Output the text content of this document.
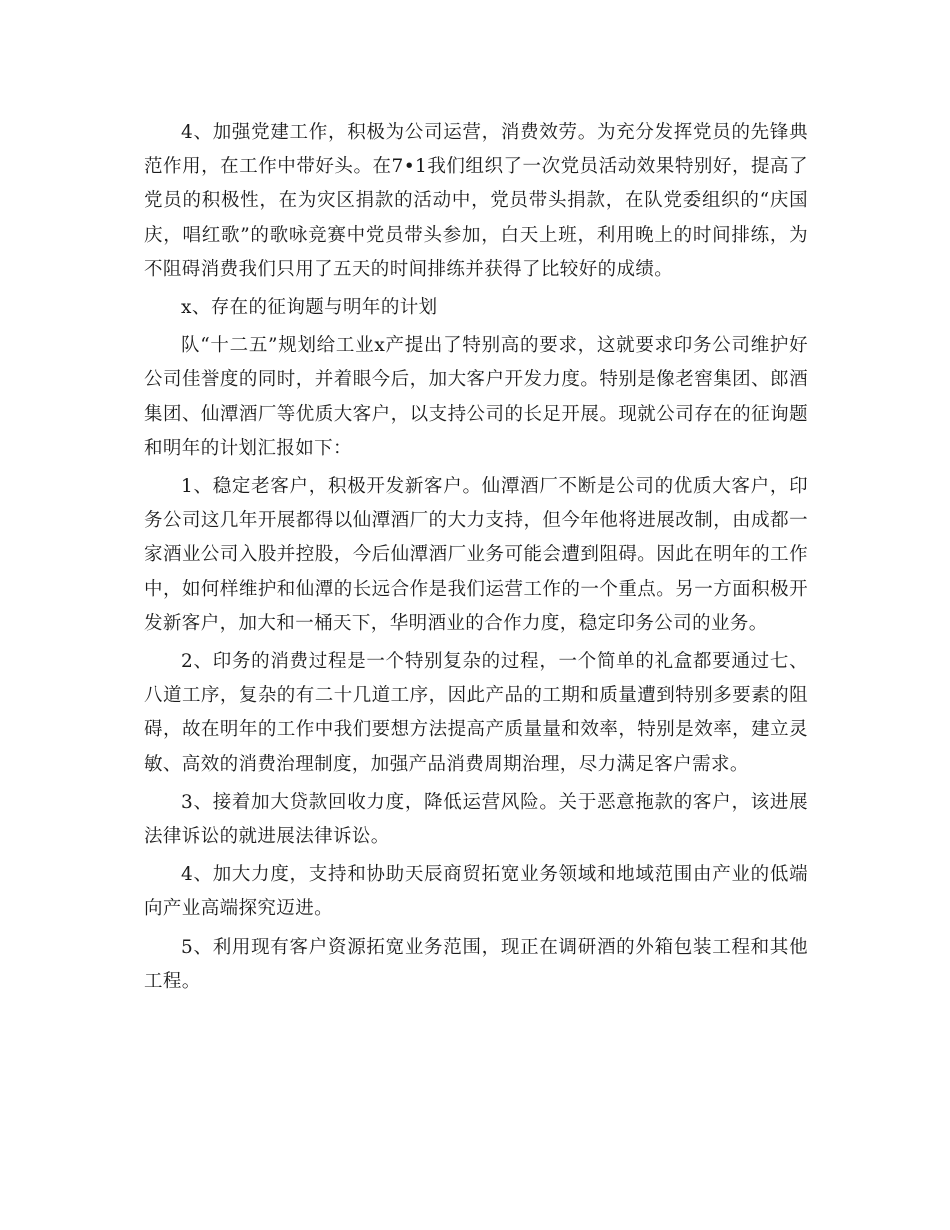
4、加强党建工作，积极为公司运营，消费效劳。为充分发挥党员的先锋典范作用，在工作中带好头。在7•1我们组织了一次党员活动效果特别好，提高了党员的积极性，在为灾区捐款的活动中，党员带头捐款，在队党委组织的“庆国庆，唱红歌”的歌咏竞赛中党员带头参加，白天上班，利用晚上的时间排练，为不阻碍消费我们只用了五天的时间排练并获得了比较好的成绩。

x、存在的征询题与明年的计划

队“十二五”规划给工业x产提出了特别高的要求，这就要求印务公司维护好公司佳誉度的同时，并着眼今后，加大客户开发力度。特别是像老窖集团、郎酒集团、仙潭酒厂等优质大客户，以支持公司的长足开展。现就公司存在的征询题和明年的计划汇报如下：

1、稳定老客户，积极开发新客户。仙潭酒厂不断是公司的优质大客户，印务公司这几年开展都得以仙潭酒厂的大力支持，但今年他将进展改制，由成都一家酒业公司入股并控股，今后仙潭酒厂业务可能会遭到阻碍。因此在明年的工作中，如何样维护和仙潭的长远合作是我们运营工作的一个重点。另一方面积极开发新客户，加大和一桶天下，华明酒业的合作力度，稳定印务公司的业务。

2、印务的消费过程是一个特别复杂的过程，一个简单的礼盒都要通过七、八道工序，复杂的有二十几道工序，因此产品的工期和质量遭到特别多要素的阻碍，故在明年的工作中我们要想方法提高产质量量和效率，特别是效率，建立灵敏、高效的消费治理制度，加强产品消费周期治理，尽力满足客户需求。

3、接着加大贷款回收力度，降低运营风险。关于恶意拖款的客户，该进展法律诉讼的就进展法律诉讼。

4、加大力度，支持和协助天辰商贸拓宽业务领域和地域范围由产业的低端向产业高端探究迈进。

5、利用现有客户资源拓宽业务范围，现正在调研酒的外箱包装工程和其他工程。
